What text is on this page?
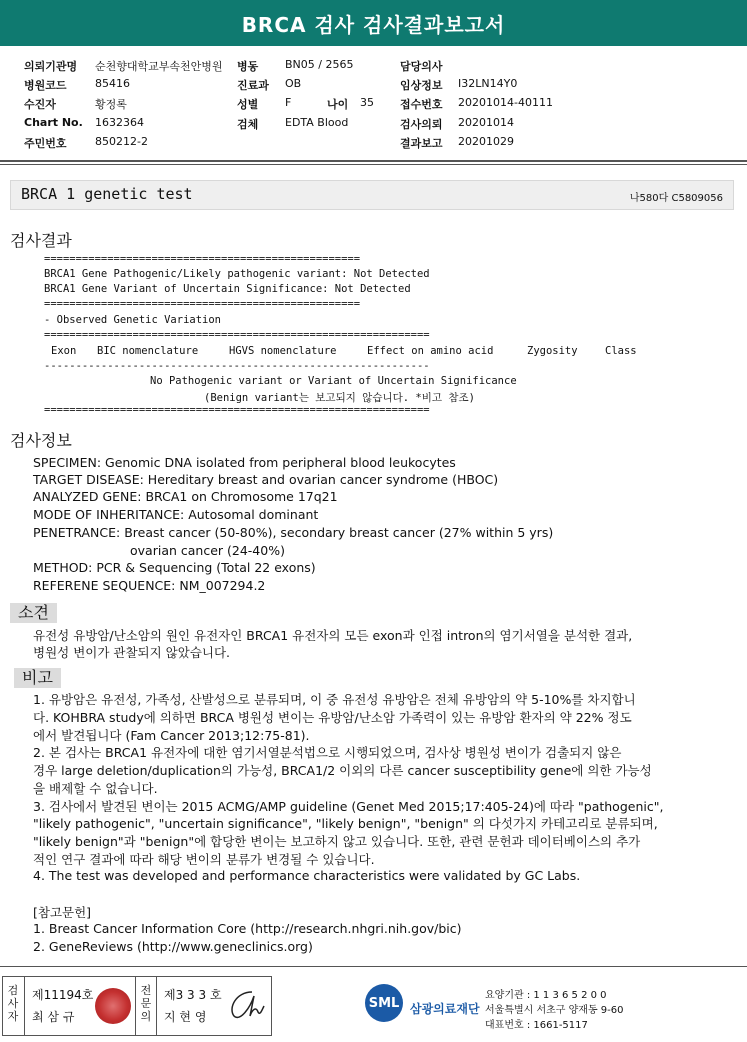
BRCA 검사 검사결과보고서
의뢰기관명 순천향대학교부속천안병원 병동 BN05 / 2565	담당의사
병원코드	85416	진료과 OB	임상정보 I32LN14Y0
수진자	황정록	성별 F	나이 35 접수번호 20201014-40111
Chart No. 1632364	검체 EDTA Blood	검사의뢰 20201014
주민번호	850212-2	결과보고 20201029
BRCA 1 genetic test	나580다 C5809056
검사결과
==================================================
BRCA1 Gene Pathogenic/Likely pathogenic variant: Not Detected
BRCA1 Gene Variant of Uncertain Significance: Not Detected
==================================================
- Observed Genetic Variation
=============================================================
Exon BIC nomenclature	HGVS nomenclature	Effect on amino acid	Zygosity	Class
-------------------------------------------------------------
No Pathogenic variant or Variant of Uncertain Significance
(Benign variant는 보고되지 않습니다. *비고 참조)
=============================================================
검사정보
SPECIMEN: Genomic DNA isolated from peripheral blood leukocytes
TARGET DISEASE: Hereditary breast and ovarian cancer syndrome (HBOC)
ANALYZED GENE: BRCA1 on Chromosome 17q21
MODE OF INHERITANCE: Autosomal dominant
PENETRANCE: Breast cancer (50-80%), secondary breast cancer (27% within 5 yrs)
ovarian cancer (24-40%)
METHOD: PCR & Sequencing (Total 22 exons)
REFERENE SEQUENCE: NM_007294.2
소견
유전성 유방암/난소암의 원인 유전자인 BRCA1 유전자의 모든 exon과 인접 intron의 염기서열을 분석한 결과,
병원성 변이가 관찰되지 않았습니다.
비고
1. 유방암은 유전성, 가족성, 산발성으로 분류되며, 이 중 유전성 유방암은 전체 유방암의 약 5-10%를 차지합니
다. KOHBRA study에 의하면 BRCA 병원성 변이는 유방암/난소암 가족력이 있는 유방암 환자의 약 22% 정도
에서 발견됩니다 (Fam Cancer 2013;12:75-81).
2. 본 검사는 BRCA1 유전자에 대한 염기서열분석법으로 시행되었으며, 검사상 병원성 변이가 검출되지 않은
경우 large deletion/duplication의 가능성, BRCA1/2 이외의 다른 cancer susceptibility gene에 의한 가능성
을 배제할 수 없습니다.
3. 검사에서 발견된 변이는 2015 ACMG/AMP guideline (Genet Med 2015;17:405-24)에 따라 "pathogenic",
"likely pathogenic", "uncertain significance", "likely benign", "benign" 의 다섯가지 카테고리로 분류되며,
"likely benign"과 "benign"에 합당한 변이는 보고하지 않고 있습니다. 또한, 관련 문헌과 데이터베이스의 추가
적인 연구 결과에 따라 해당 변이의 분류가 변경될 수 있습니다.
4. The test was developed and performance characteristics were validated by GC Labs.
[참고문헌]
1. Breast Cancer Information Core (http://research.nhgri.nih.gov/bic)
2. GeneReviews (http://www.geneclinics.org)
검사자
제11194호
최 삼 규
전문의
제3 3 3 호
지 현 영
SML 삼광의료재단
요양기관 : 1 1 3 6 5 2 0 0
서울특별시 서초구 양재동 9-60
대표번호 : 1661-5117
